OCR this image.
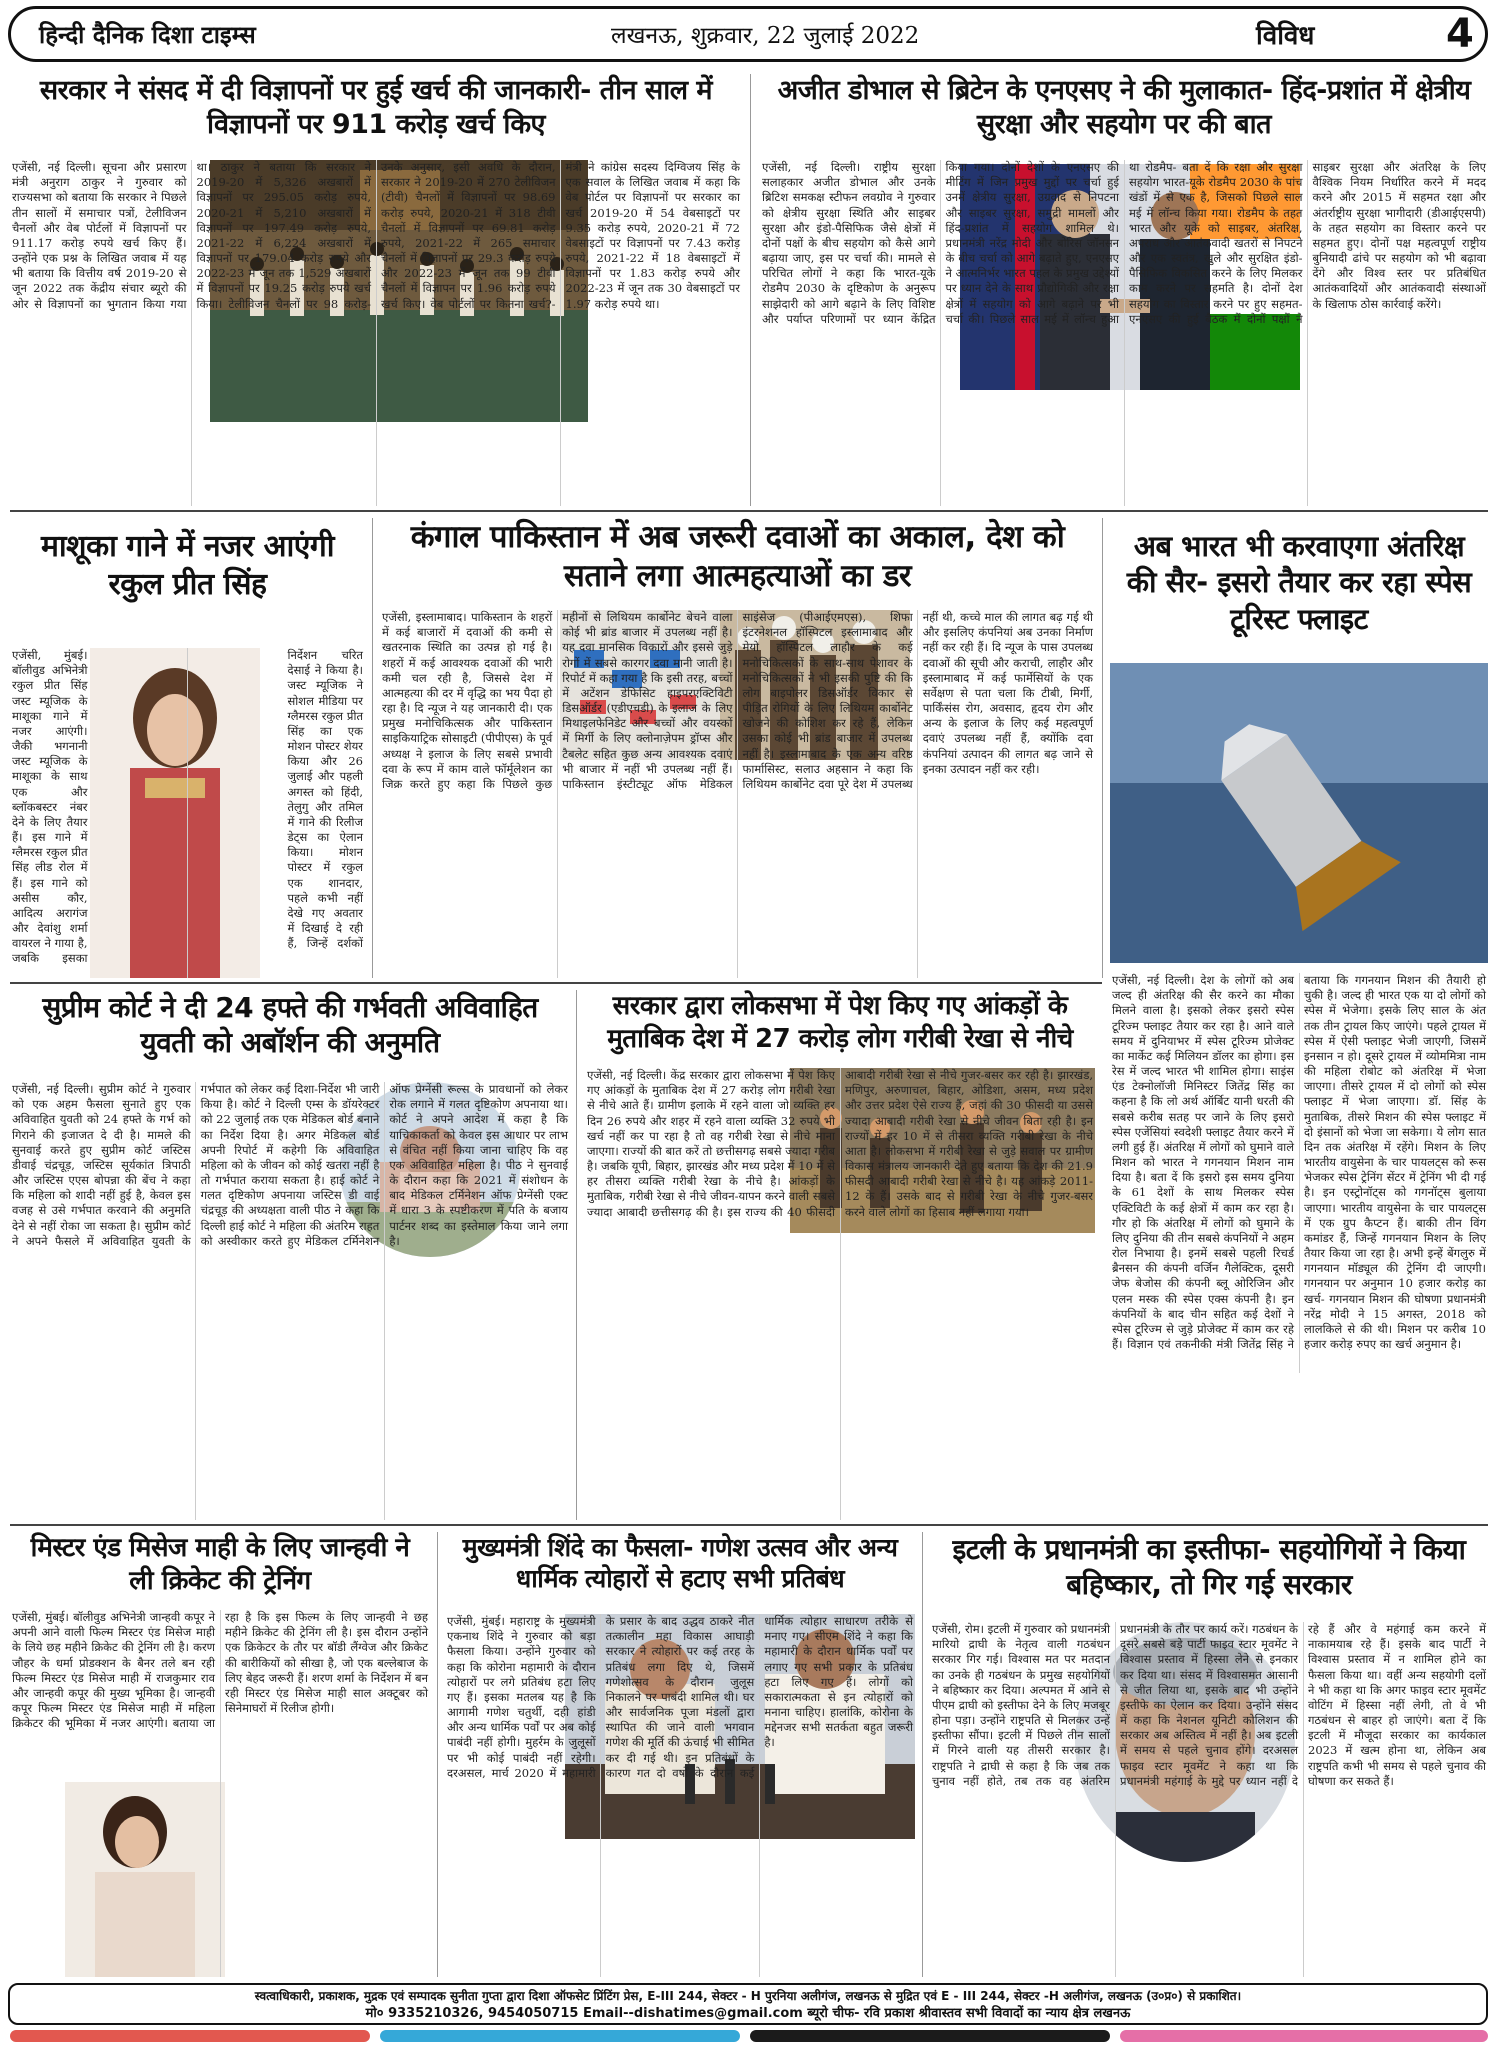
हिन्दी दैनिक दिशा टाइम्स	लखनऊ, शुक्रवार, 22 जुलाई 2022	विविध	4
सरकार ने संसद में दी विज्ञापनों पर हुई खर्च की जानकारी- तीन साल में विज्ञापनों पर 911 करोड़ खर्च किए
एजेंसी, नई दिल्ली। सूचना और प्रसारण मंत्री अनुराग ठाकुर ने गुरुवार को राज्यसभा को बताया कि सरकार ने पिछले तीन सालों में समाचार पत्रों, टेलीविजन चैनलों और वेब पोर्टलों में विज्ञापनों पर 911.17 करोड़ रुपये खर्च किए हैं। उन्होंने एक प्रश्न के लिखित जवाब में यह भी बताया कि वित्तीय वर्ष 2019-20 से जून 2022 तक केंद्रीय संचार ब्यूरो की ओर से विज्ञापनों का भुगतान किया गया था। ठाकुर ने बताया कि सरकार ने 2019-20 में 5,326 अखबारों में विज्ञापनों पर 295.05 करोड़ रुपये, 2020-21 में 5,210 अखबारों में विज्ञापनों पर 197.49 करोड़ रुपये, 2021-22 में 6,224 अखबारों में विज्ञापनों पर 179.04 करोड़ रुपये और 2022-23 में जून तक 1,529 अखबारों में विज्ञापनों पर 19.25 करोड़ रुपये खर्च किया। टेलीविजन चैनलों पर 98 करोड़- उनके अनुसार, इसी अवधि के दौरान, सरकार ने 2019-20 में 270 टेलीविजन (टीवी) चैनलों में विज्ञापनों पर 98.69 करोड़ रुपये, 2020-21 में 318 टीवी चैनलों में विज्ञापनों पर 69.81 करोड़ रुपये, 2021-22 में 265 समाचार चैनलों में विज्ञापनों पर 29.3 करोड़ रुपये और 2022-23 में जून तक 99 टीवी चैनलों में विज्ञापन पर 1.96 करोड़ रुपये खर्च किए। वेब पोर्टलों पर कितना खर्च?- मंत्री ने कांग्रेस सदस्य दिग्विजय सिंह के एक सवाल के लिखित जवाब में कहा कि वेब पोर्टल पर विज्ञापनों पर सरकार का खर्च 2019-20 में 54 वेबसाइटों पर 9.35 करोड़ रुपये, 2020-21 में 72 वेबसाइटों पर विज्ञापनों पर 7.43 करोड़ रुपये, 2021-22 में 18 वेबसाइटों में विज्ञापनों पर 1.83 करोड़ रुपये और 2022-23 में जून तक 30 वेबसाइटों पर 1.97 करोड़ रुपये था।
अजीत डोभाल से ब्रिटेन के एनएसए ने की मुलाकात- हिंद-प्रशांत में क्षेत्रीय सुरक्षा और सहयोग पर की बात
एजेंसी, नई दिल्ली। राष्ट्रीय सुरक्षा सलाहकार अजीत डोभाल और उनके ब्रिटिश समकक्ष स्टीफन लवग्रोव ने गुरुवार को क्षेत्रीय सुरक्षा स्थिति और साइबर सुरक्षा और इंडो-पैसिफिक जैसे क्षेत्रों में दोनों पक्षों के बीच सहयोग को कैसे आगे बढ़ाया जाए, इस पर चर्चा की। मामले से परिचित लोगों ने कहा कि भारत-यूके रोडमैप 2030 के दृष्टिकोण के अनुरूप साझेदारी को आगे बढ़ाने के लिए विशिष्ट और पर्याप्त परिणामों पर ध्यान केंद्रित किया गया। दोनों देशों के एनएसए की मीटिंग में जिन प्रमुख मुद्दों पर चर्चा हुई उनमें क्षेत्रीय सुरक्षा, उग्रवाद से निपटना और साइबर सुरक्षा, समुद्री मामलों और हिंद-प्रशांत में सहयोग शामिल थे। प्रधानमंत्री नरेंद्र मोदी और बोरिस जॉनसन के बीच चर्चा को आगे बढ़ाते हुए, एनएसए ने आत्मनिर्भर भारत पहल के प्रमुख उद्देश्यों पर ध्यान देने के साथ प्रौद्योगिकी और रक्षा क्षेत्रों में सहयोग को आगे बढ़ाने पर भी चर्चा की। पिछले साल मई में लॉन्च हुआ था रोडमैप- बता दें कि रक्षा और सुरक्षा सहयोग भारत-यूके रोडमैप 2030 के पांच खंडों में से एक है, जिसको पिछले साल मई में लॉन्च किया गया। रोडमैप के तहत भारत और यूके को साइबर, अंतरिक्ष, अपराध और आतंकवादी खतरों से निपटने और एक स्वतंत्र, खुले और सुरक्षित इंडो-पैसिफिक विकसित करने के लिए मिलकर काम करने पर सहमति है। दोनों देश सहयोग का विस्तार करने पर हुए सहमत- एनएसए की हुई बैठक में दोनों पक्षों ने साइबर सुरक्षा और अंतरिक्ष के लिए वैश्विक नियम निर्धारित करने में मदद करने और 2015 में सहमत रक्षा और अंतर्राष्ट्रीय सुरक्षा भागीदारी (डीआईएसपी) के तहत सहयोग का विस्तार करने पर सहमत हुए। दोनों पक्ष महत्वपूर्ण राष्ट्रीय बुनियादी ढांचे पर सहयोग को भी बढ़ावा देंगे और विश्व स्तर पर प्रतिबंधित आतंकवादियों और आतंकवादी संस्थाओं के खिलाफ ठोस कार्रवाई करेंगे।
माशूका गाने में नजर आएंगी रकुल प्रीत सिंह
एजेंसी, मुंबई। बॉलीवुड अभिनेत्री रकुल प्रीत सिंह जस्ट म्यूजिक के माशूका गाने में नजर आएंगी। जैकी भगनानी जस्ट म्यूजिक के माशूका के साथ एक और ब्लॉकबस्टर नंबर देने के लिए तैयार हैं। इस गाने में ग्लैमरस रकुल प्रीत सिंह लीड रोल में हैं। इस गाने को असीस कौर, आदित्य अरागंज और देवांशु शर्मा वायरल ने गाया है, जबकि इसका निर्देशन चरित देसाई ने किया है। जस्ट म्यूजिक ने सोशल मीडिया पर ग्लैमरस रकुल प्रीत सिंह का एक मोशन पोस्टर शेयर किया और 26 जुलाई और पहली अगस्त को हिंदी, तेलुगु और तमिल में गाने की रिलीज डेट्स का ऐलान किया। मोशन पोस्टर में रकुल एक शानदार, पहले कभी नहीं देखे गए अवतार में दिखाई दे रही हैं, जिन्हें दर्शकों
कंगाल पाकिस्तान में अब जरूरी दवाओं का अकाल, देश को सताने लगा आत्महत्याओं का डर
एजेंसी, इस्लामाबाद। पाकिस्तान के शहरों में कई बाजारों में दवाओं की कमी से खतरनाक स्थिति का उत्पन्न हो गई है। शहरों में कई आवश्यक दवाओं की भारी कमी चल रही है, जिससे देश में आत्महत्या की दर में वृद्धि का भय पैदा हो रहा है। दि न्यूज ने यह जानकारी दी। एक प्रमुख मनोचिकित्सक और पाकिस्तान साइकियाट्रिक सोसाइटी (पीपीएस) के पूर्व अध्यक्ष ने इलाज के लिए सबसे प्रभावी दवा के रूप में काम वाले फॉर्मूलेशन का जिक्र करते हुए कहा कि पिछले कुछ महीनों से लिथियम कार्बोनेट बेचने वाला कोई भी ब्रांड बाजार में उपलब्ध नहीं है। यह दवा मानसिक विकारों और इससे जुड़े रोगों में सबसे कारगर दवा मानी जाती है। रिपोर्ट में कहा गया है कि इसी तरह, बच्चों में अटेंशन डेफिसिट हाइपरएक्टिविटी डिसऑर्डर (एडीएचडी) के इलाज के लिए मिथाइलफेनिडेट और बच्चों और वयस्कों में मिर्गी के लिए क्लोनाज़ेपम ड्रॉप्स और टैबलेट सहित कुछ अन्य आवश्यक दवाएं भी बाजार में नहीं भी उपलब्ध नहीं हैं। पाकिस्तान इंस्टीट्यूट ऑफ मेडिकल साइंसेज (पीआईएमएस), शिफा इंटरनेशनल हॉस्पिटल इस्लामाबाद और मेयो हॉस्पिटल लाहौर के कई मनोचिकित्सकों के साथ-साथ पेशावर के मनोचिकित्सकों ने भी इसकी पुष्टि की कि लोग बाइपोलर डिसऑर्डर विकार से पीड़ित रोगियों के लिए लिथियम कार्बोनेट खोजने की कोशिश कर रहे हैं, लेकिन उसका कोई भी ब्रांड बाजार में उपलब्ध नहीं है। इस्लामाबाद के एक अन्य वरिष्ठ फार्मासिस्ट, सलाउ अहसान ने कहा कि लिथियम कार्बोनेट दवा पूरे देश में उपलब्ध नहीं थी, कच्चे माल की लागत बढ़ गई थी और इसलिए कंपनियां अब उनका निर्माण नहीं कर रही हैं। दि न्यूज के पास उपलब्ध दवाओं की सूची और कराची, लाहौर और इस्लामाबाद में कई फार्मेसियों के एक सर्वेक्षण से पता चला कि टीबी, मिर्गी, पार्किंसंस रोग, अवसाद, हृदय रोग और अन्य के इलाज के लिए कई महत्वपूर्ण दवाएं उपलब्ध नहीं हैं, क्योंकि दवा कंपनियां उत्पादन की लागत बढ़ जाने से इनका उत्पादन नहीं कर रही।
अब भारत भी करवाएगा अंतरिक्ष की सैर- इसरो तैयार कर रहा स्पेस टूरिस्ट फ्लाइट
एजेंसी, नई दिल्ली। देश के लोगों को अब जल्द ही अंतरिक्ष की सैर करने का मौका मिलने वाला है। इसको लेकर इसरो स्पेस टूरिज्म फ्लाइट तैयार कर रहा है। आने वाले समय में दुनियाभर में स्पेस टूरिज्म प्रोजेक्ट का मार्केट कई मिलियन डॉलर का होगा। इस रेस में जल्द भारत भी शामिल होगा। साइंस एंड टेक्नोलॉजी मिनिस्टर जितेंद्र सिंह का कहना है कि लो अर्थ ऑर्बिट यानी धरती की सबसे करीब सतह पर जाने के लिए इसरो स्पेस एजेंसियां स्वदेशी फ्लाइट तैयार करने में लगी हुई हैं। अंतरिक्ष में लोगों को घुमाने वाले मिशन को भारत ने गगनयान मिशन नाम दिया है। बता दें कि इसरो इस समय दुनिया के 61 देशों के साथ मिलकर स्पेस एक्टिविटी के कई क्षेत्रों में काम कर रहा है। गौर हो कि अंतरिक्ष में लोगों को घुमाने के लिए दुनिया की तीन सबसे कंपनियों ने अहम रोल निभाया है। इनमें सबसे पहली रिचर्ड ब्रैनसन की कंपनी वर्जिन गैलेक्टिक, दूसरी जेफ बेजोस की कंपनी ब्लू ओरिजिन और एलन मस्क की स्पेस एक्स कंपनी है। इन कंपनियों के बाद चीन सहित कई देशों ने स्पेस टूरिज्म से जुड़े प्रोजेक्ट में काम कर रहे हैं। विज्ञान एवं तकनीकी मंत्री जितेंद्र सिंह ने बताया कि गगनयान मिशन की तैयारी हो चुकी है। जल्द ही भारत एक या दो लोगों को स्पेस में भेजेगा। इसके लिए साल के अंत तक तीन ट्रायल किए जाएंगे। पहले ट्रायल में स्पेस में ऐसी फ्लाइट भेजी जाएगी, जिसमें इनसान न हो। दूसरे ट्रायल में व्योममित्रा नाम की महिला रोबोट को अंतरिक्ष में भेजा जाएगा। तीसरे ट्रायल में दो लोगों को स्पेस फ्लाइट में भेजा जाएगा। डॉ. सिंह के मुताबिक, तीसरे मिशन की स्पेस फ्लाइट में दो इंसानों को भेजा जा सकेगा। ये लोग सात दिन तक अंतरिक्ष में रहेंगे। मिशन के लिए भारतीय वायुसेना के चार पायलट्स को रूस भेजकर स्पेस ट्रेनिंग सेंटर में ट्रेनिंग भी दी गई है। इन एस्ट्रोनॉट्स को गगनॉट्स बुलाया जाएगा। भारतीय वायुसेना के चार पायलट्स में एक ग्रुप कैप्टन हैं। बाकी तीन विंग कमांडर हैं, जिन्हें गगनयान मिशन के लिए तैयार किया जा रहा है। अभी इन्हें बेंगलुरु में गगनयान मॉड्यूल की ट्रेनिंग दी जाएगी। गगनयान पर अनुमान 10 हजार करोड़ का खर्च- गगनयान मिशन की घोषणा प्रधानमंत्री नरेंद्र मोदी ने 15 अगस्त, 2018 को लालकिले से की थी। मिशन पर करीब 10 हजार करोड़ रुपए का खर्च अनुमान है।
सुप्रीम कोर्ट ने दी 24 हफ्ते की गर्भवती अविवाहित युवती को अबॉर्शन की अनुमति
एजेंसी, नई दिल्ली। सुप्रीम कोर्ट ने गुरुवार को एक अहम फैसला सुनाते हुए एक अविवाहित युवती को 24 हफ्ते के गर्भ को गिराने की इजाजत दे दी है। मामले की सुनवाई करते हुए सुप्रीम कोर्ट जस्टिस डीवाई चंद्रचूड़, जस्टिस सूर्यकांत त्रिपाठी और जस्टिस एएस बोपन्ना की बेंच ने कहा कि महिला को शादी नहीं हुई है, केवल इस वजह से उसे गर्भपात करवाने की अनुमति देने से नहीं रोका जा सकता है। सुप्रीम कोर्ट ने अपने फैसले में अविवाहित युवती के गर्भपात को लेकर कई दिशा-निर्देश भी जारी किया है। कोर्ट ने दिल्ली एम्स के डॉयरेक्टर को 22 जुलाई तक एक मेडिकल बोर्ड बनाने का निर्देश दिया है। अगर मेडिकल बोर्ड अपनी रिपोर्ट में कहेगी कि अविवाहित महिला को के जीवन को कोई खतरा नहीं है तो गर्भपात कराया सकता है। हाई कोर्ट ने गलत दृष्टिकोण अपनाया जस्टिस डी वाई चंद्रचूड़ की अध्यक्षता वाली पीठ ने कहा कि दिल्ली हाई कोर्ट ने महिला की अंतरिम राहत को अस्वीकार करते हुए मेडिकल टर्मिनेशन ऑफ प्रेग्नेंसी रूल्स के प्रावधानों को लेकर रोक लगाने में गलत दृष्टिकोण अपनाया था। कोर्ट ने अपने आदेश में कहा है कि याचिकाकर्ता को केवल इस आधार पर लाभ से वंचित नहीं किया जाना चाहिए कि वह एक अविवाहित महिला है। पीठ ने सुनवाई के दौरान कहा कि 2021 में संशोधन के बाद मेडिकल टर्मिनेशन ऑफ प्रेग्नेंसी एक्ट में धारा 3 के स्पष्टीकरण में पति के बजाय पार्टनर शब्द का इस्तेमाल किया जाने लगा है।
सरकार द्वारा लोकसभा में पेश किए गए आंकड़ों के मुताबिक देश में 27 करोड़ लोग गरीबी रेखा से नीचे
एजेंसी, नई दिल्ली। केंद्र सरकार द्वारा लोकसभा में पेश किए गए आंकड़ों के मुताबिक देश में 27 करोड़ लोग गरीबी रेखा से नीचे आते हैं। ग्रामीण इलाके में रहने वाला जो व्यक्ति हर दिन 26 रुपये और शहर में रहने वाला व्यक्ति 32 रुपये भी खर्च नहीं कर पा रहा है तो वह गरीबी रेखा से नीचे माना जाएगा। राज्यों की बात करें तो छत्तीसगढ़ सबसे ज्यादा गरीब है। जबकि यूपी, बिहार, झारखंड और मध्य प्रदेश में 10 में से हर तीसरा व्यक्ति गरीबी रेखा के नीचे है। आंकड़ों के मुताबिक, गरीबी रेखा से नीचे जीवन-यापन करने वाली सबसे ज्यादा आबादी छत्तीसगढ़ की है। इस राज्य की 40 फीसदी आबादी गरीबी रेखा से नीचे गुजर-बसर कर रही है। झारखंड, मणिपुर, अरुणाचल, बिहार, ओडिशा, असम, मध्य प्रदेश और उत्तर प्रदेश ऐसे राज्य हैं, जहां की 30 फीसदी या उससे ज्यादा आबादी गरीबी रेखा से नीचे जीवन बिता रही है। इन राज्यों में हर 10 में से तीसरा व्यक्ति गरीबी रेखा के नीचे आता है। लोकसभा में गरीबी रेखा से जुड़े सवाल पर ग्रामीण विकास मंत्रालय जानकारी देते हुए बताया कि देश की 21.9 फीसदी आबादी गरीबी रेखा से नीचे है। यह आंकड़े 2011-12 के हैं। उसके बाद से गरीबी रेखा के नीचे गुजर-बसर करने वाले लोगों का हिसाब नहीं लगाया गया।
मिस्टर एंड मिसेज माही के लिए जान्हवी ने ली क्रिकेट की ट्रेनिंग
एजेंसी, मुंबई। बॉलीवुड अभिनेत्री जान्हवी कपूर ने अपनी आने वाली फिल्म मिस्टर एंड मिसेज माही के लिये छह महीने क्रिकेट की ट्रेनिंग ली है। करण जौहर के धर्मा प्रोडक्शन के बैनर तले बन रही फिल्म मिस्टर एंड मिसेज माही में राजकुमार राव और जान्हवी कपूर की मुख्य भूमिका है। जान्हवी कपूर फिल्म मिस्टर एंड मिसेज माही में महिला क्रिकेटर की भूमिका में नजर आएंगी। बताया जा रहा है कि इस फिल्म के लिए जान्हवी ने छह महीने क्रिकेट की ट्रेनिंग ली है। इस दौरान उन्होंने एक क्रिकेटर के तौर पर बॉडी लैंग्वेज और क्रिकेट की बारीकियों को सीखा है, जो एक बल्लेबाज के लिए बेहद जरूरी हैं। शरण शर्मा के निर्देशन में बन रही मिस्टर एंड मिसेज माही साल अक्टूबर को सिनेमाघरों में रिलीज होगी।
मुख्यमंत्री शिंदे का फैसला- गणेश उत्सव और अन्य धार्मिक त्योहारों से हटाए सभी प्रतिबंध
एजेंसी, मुंबई। महाराष्ट्र के मुख्यमंत्री एकनाथ शिंदे ने गुरुवार को बड़ा फैसला किया। उन्होंने गुरुवार को कहा कि कोरोना महामारी के दौरान त्योहारों पर लगे प्रतिबंध हटा लिए गए हैं। इसका मतलब यह है कि आगामी गणेश चतुर्थी, दही हांडी और अन्य धार्मिक पर्वों पर अब कोई पाबंदी नहीं होगी। मुहर्रम के जुलूसों पर भी कोई पाबंदी नहीं रहेगी। दरअसल, मार्च 2020 में महामारी के प्रसार के बाद उद्धव ठाकरे नीत तत्कालीन महा विकास आघाड़ी सरकार ने त्योहारों पर कई तरह के प्रतिबंध लगा दिए थे, जिसमें गणेशोत्सव के दौरान जुलूस निकालने पर पाबंदी शामिल थी। घर और सार्वजनिक पूजा मंडलों द्वारा स्थापित की जाने वाली भगवान गणेश की मूर्ति की ऊंचाई भी सीमित कर दी गई थी। इन प्रतिबंधों के कारण गत दो वर्षों के दौरान कई धार्मिक त्योहार साधारण तरीके से मनाए गए। सीएम शिंदे ने कहा कि महामारी के दौरान धार्मिक पर्वों पर लगाए गए सभी प्रकार के प्रतिबंध हटा लिए गए हैं। लोगों को सकारात्मकता से इन त्योहारों को मनाना चाहिए। हालांकि, कोरोना के मद्देनजर सभी सतर्कता बहुत जरूरी है।
इटली के प्रधानमंत्री का इस्तीफा- सहयोगियों ने किया बहिष्कार, तो गिर गई सरकार
एजेंसी, रोम। इटली में गुरुवार को प्रधानमंत्री मारियो द्राघी के नेतृत्व वाली गठबंधन सरकार गिर गई। विश्वास मत पर मतदान का उनके ही गठबंधन के प्रमुख सहयोगियों ने बहिष्कार कर दिया। अल्पमत में आने से पीएम द्राघी को इस्तीफा देने के लिए मजबूर होना पड़ा। उन्होंने राष्ट्रपति से मिलकर उन्हें इस्तीफा सौंपा। इटली में पिछले तीन सालों में गिरने वाली यह तीसरी सरकार है। राष्ट्रपति ने द्राघी से कहा है कि जब तक चुनाव नहीं होते, तब तक वह अंतरिम प्रधानमंत्री के तौर पर कार्य करें। गठबंधन के दूसरे सबसे बड़े पार्टी फाइव स्टार मूवमेंट ने विश्वास प्रस्ताव में हिस्सा लेने से इनकार कर दिया था। संसद में विश्वासमत आसानी से जीत लिया था, इसके बाद भी उन्होंने इस्तीफे का ऐलान कर दिया। उन्होंने संसद में कहा कि नेशनल यूनिटी कोलिशन की सरकार अब अस्तित्व में नहीं है। अब इटली में समय से पहले चुनाव होंगे। दरअसल फाइव स्टार मूवमेंट ने कहा था कि प्रधानमंत्री महंगाई के मुद्दे पर ध्यान नहीं दे रहे हैं और वे महंगाई कम करने में नाकामयाब रहे हैं। इसके बाद पार्टी ने विश्वास प्रस्ताव में न शामिल होने का फैसला किया था। वहीं अन्य सहयोगी दलों ने भी कहा था कि अगर फाइव स्टार मूवमेंट वोटिंग में हिस्सा नहीं लेगी, तो वे भी गठबंधन से बाहर हो जाएंगे। बता दें कि इटली में मौजूदा सरकार का कार्यकाल 2023 में खत्म होना था, लेकिन अब राष्ट्रपति कभी भी समय से पहले चुनाव की घोषणा कर सकते हैं।
स्वत्वाधिकारी, प्रकाशक, मुद्रक एवं सम्पादक सुनीता गुप्ता द्वारा दिशा ऑफसेट प्रिंटिंग प्रेस, E-III 244, सेक्टर - H पुरनिया अलीगंज, लखनऊ से मुद्रित एवं E - III 244, सेक्टर -H अलीगंज, लखनऊ (उ०प्र०) से प्रकाशित।
मो० 9335210326, 9454050715 Email--dishatimes@gmail.com ब्यूरो चीफ- रवि प्रकाश श्रीवास्तव सभी विवादों का न्याय क्षेत्र लखनऊ
